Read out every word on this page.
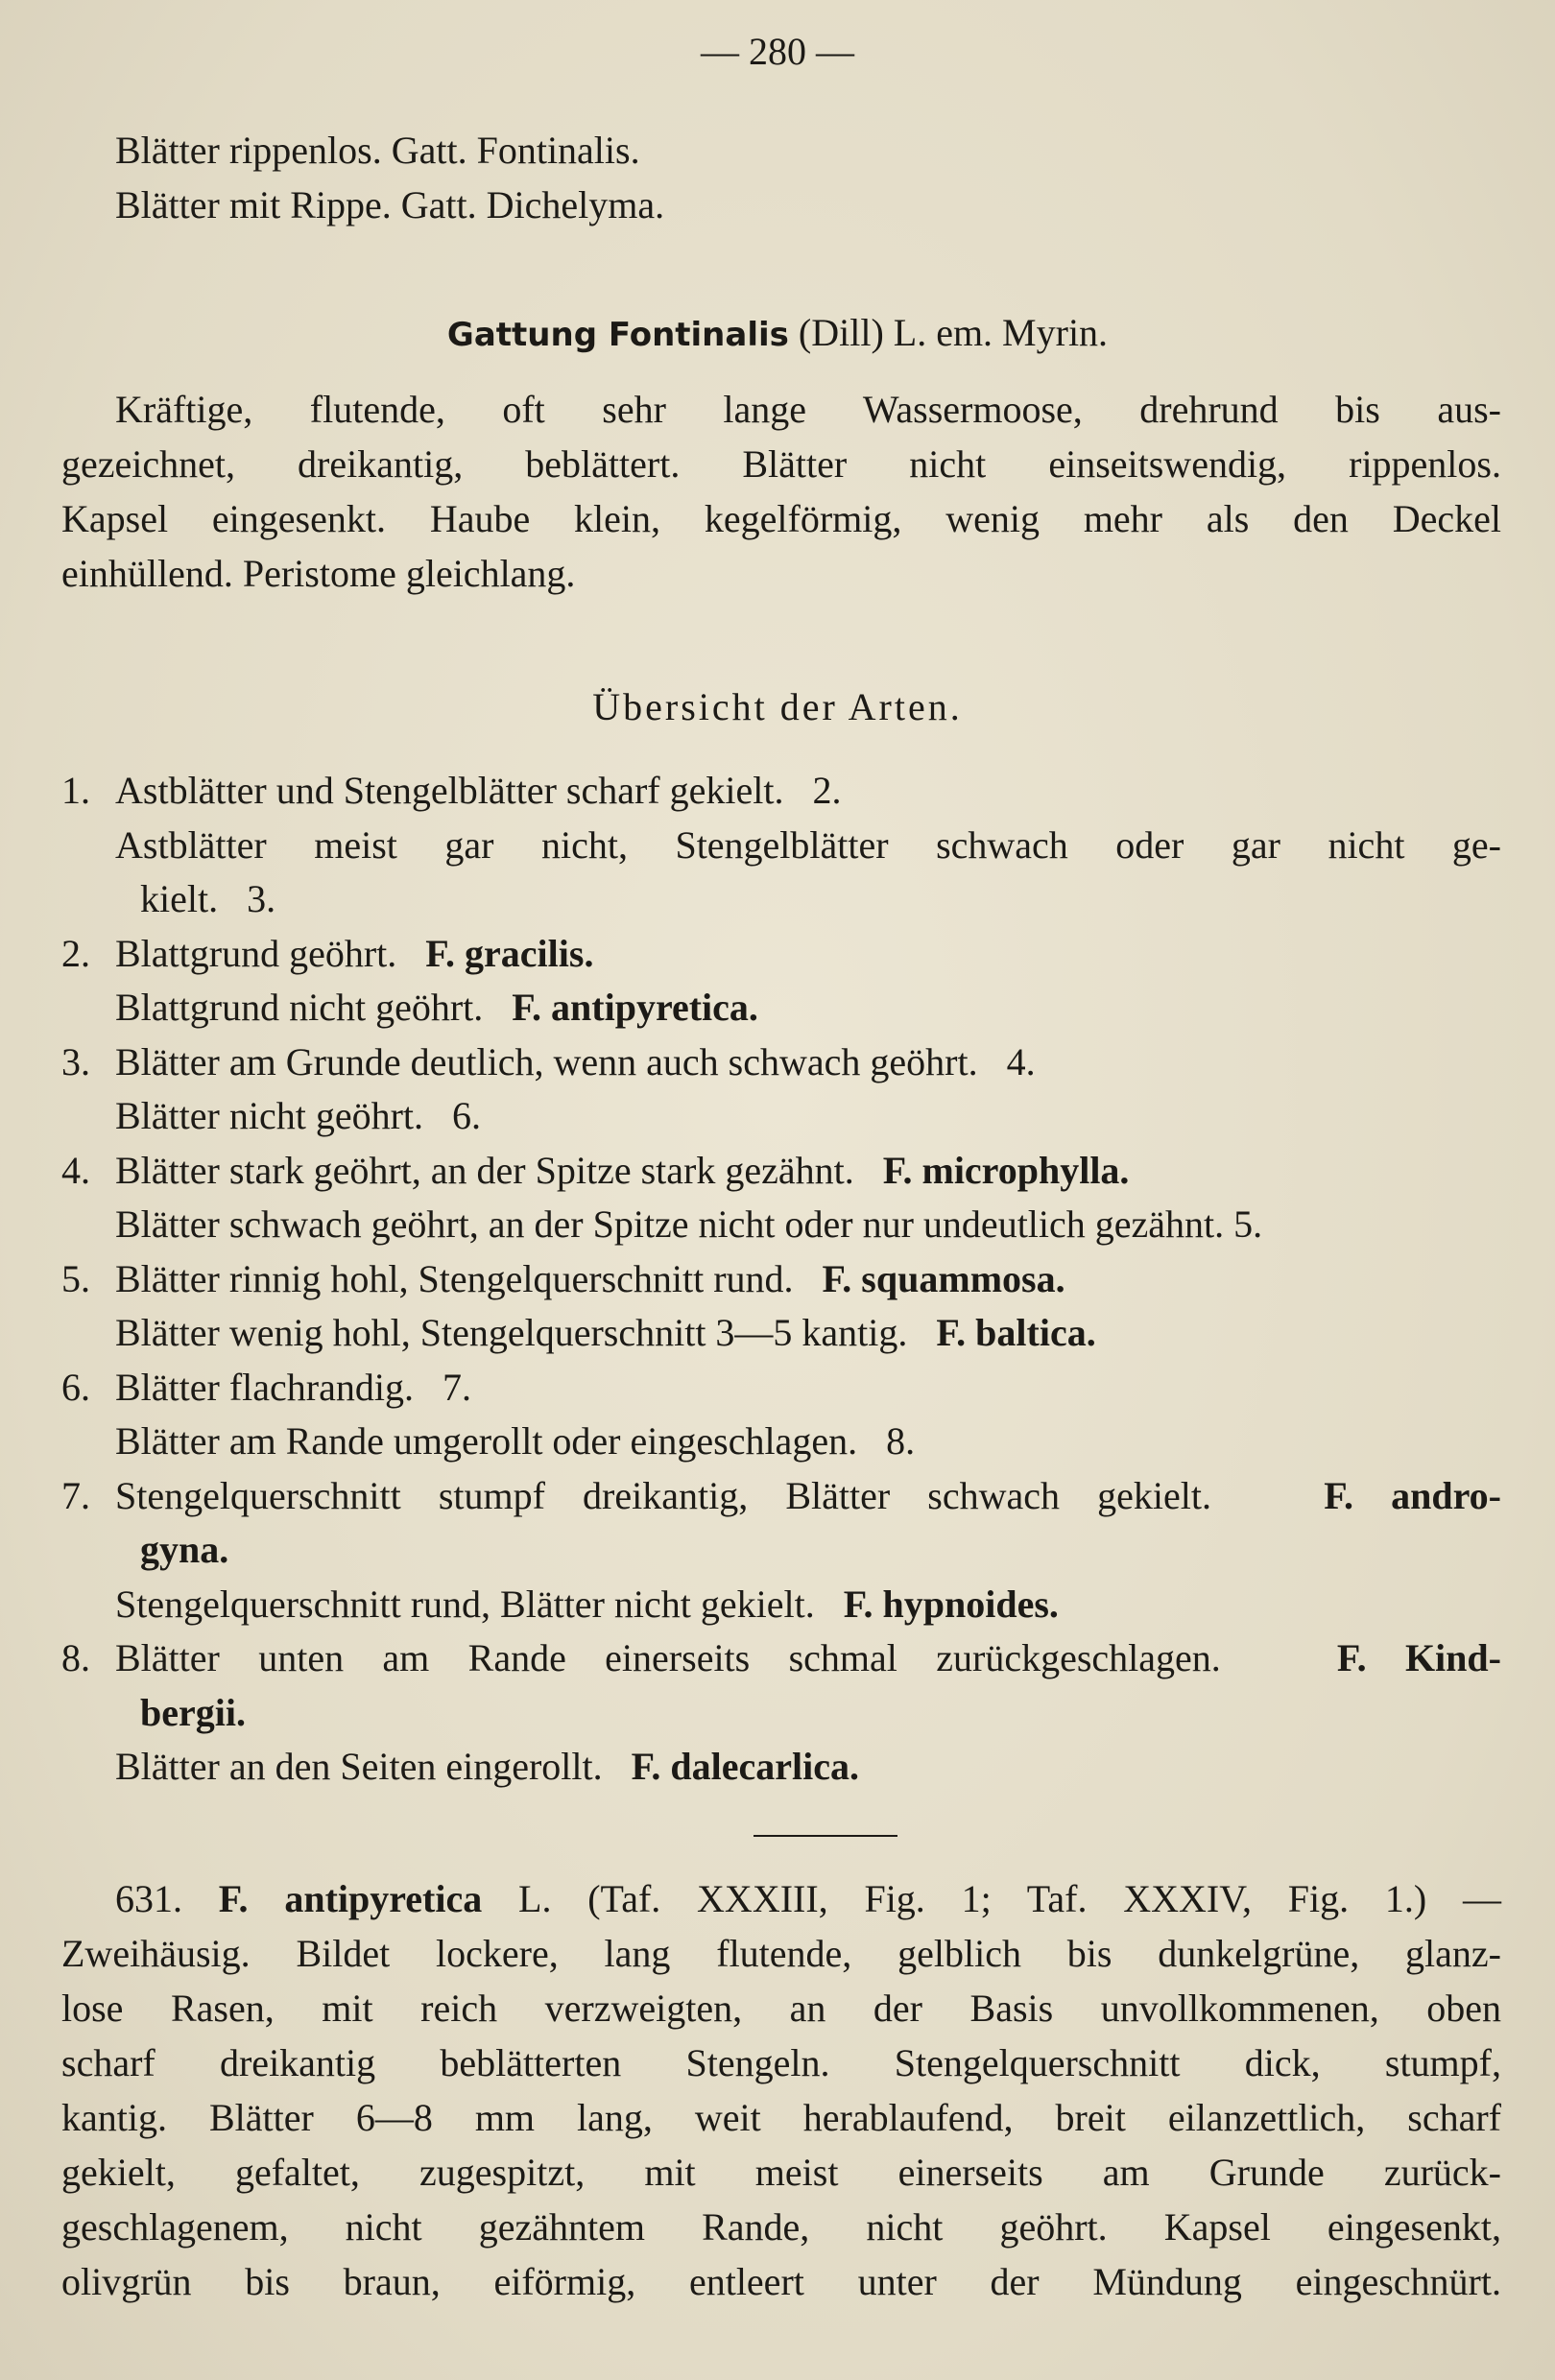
— 280 —
Blätter rippenlos. Gatt. Fontinalis.
Blätter mit Rippe. Gatt. Dichelyma.
Gattung Fontinalis (Dill) L. em. Myrin.
Kräftige, flutende, oft sehr lange Wassermoose, drehrund bis aus-
gezeichnet, dreikantig, beblättert. Blätter nicht einseitswendig, rippenlos.
Kapsel eingesenkt. Haube klein, kegelförmig, wenig mehr als den Deckel
einhüllend. Peristome gleichlang.
Übersicht der Arten.
1. Astblätter und Stengelblätter scharf gekielt.   2.
Astblätter meist gar nicht, Stengelblätter schwach oder gar nicht ge-
kielt.   3.
2. Blattgrund geöhrt.   F. gracilis.
Blattgrund nicht geöhrt.   F. antipyretica.
3. Blätter am Grunde deutlich, wenn auch schwach geöhrt.   4.
Blätter nicht geöhrt.   6.
4. Blätter stark geöhrt, an der Spitze stark gezähnt.   F. microphylla.
Blätter schwach geöhrt, an der Spitze nicht oder nur undeutlich gezähnt. 5.
5. Blätter rinnig hohl, Stengelquerschnitt rund.   F. squammosa.
Blätter wenig hohl, Stengelquerschnitt 3—5 kantig.   F. baltica.
6. Blätter flachrandig.   7.
Blätter am Rande umgerollt oder eingeschlagen.   8.
7. Stengelquerschnitt stumpf dreikantig, Blätter schwach gekielt.   F. andro-
gyna.
Stengelquerschnitt rund, Blätter nicht gekielt.   F. hypnoides.
8. Blätter unten am Rande einerseits schmal zurückgeschlagen.   F. Kind-
bergii.
Blätter an den Seiten eingerollt.   F. dalecarlica.
631. F. antipyretica L. (Taf. XXXIII, Fig. 1; Taf. XXXIV, Fig. 1.) —
Zweihäusig. Bildet lockere, lang flutende, gelblich bis dunkelgrüne, glanz-
lose Rasen, mit reich verzweigten, an der Basis unvollkommenen, oben
scharf dreikantig beblätterten Stengeln. Stengelquerschnitt dick, stumpf,
kantig. Blätter 6—8 mm lang, weit herablaufend, breit eilanzettlich, scharf
gekielt, gefaltet, zugespitzt, mit meist einerseits am Grunde zurück-
geschlagenem, nicht gezähntem Rande, nicht geöhrt. Kapsel eingesenkt,
olivgrün bis braun, eiförmig, entleert unter der Mündung eingeschnürt.
